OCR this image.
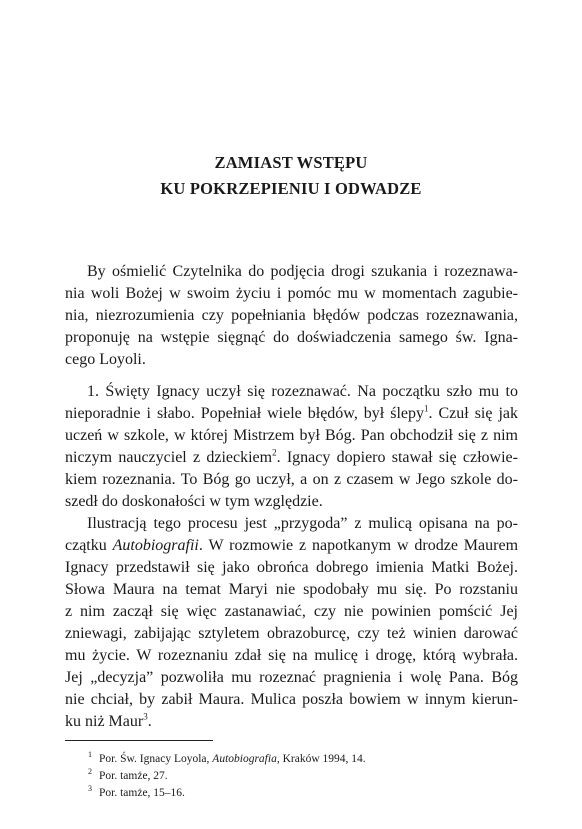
ZAMIAST WSTĘPU
KU POKRZEPIENIU I ODWADZE
By ośmielić Czytelnika do podjęcia drogi szukania i rozeznawa-
nia woli Bożej w swoim życiu i pomóc mu w momentach zagubie-
nia, niezrozumienia czy popełniania błędów podczas rozeznawania,
proponuję na wstępie sięgnąć do doświadczenia samego św. Igna-
cego Loyoli.
1. Święty Ignacy uczył się rozeznawać. Na początku szło mu to
nieporadnie i słabo. Popełniał wiele błędów, był ślepy$^1$. Czuł się jak
uczeń w szkole, w której Mistrzem był Bóg. Pan obchodził się z nim
niczym nauczyciel z dzieckiem$^2$. Ignacy dopiero stawał się człowie-
kiem rozeznania. To Bóg go uczył, a on z czasem w Jego szkole do-
szedł do doskonałości w tym względzie.
Ilustracją tego procesu jest „przygoda” z mulicą opisana na po-
czątku Autobiografii. W rozmowie z napotkanym w drodze Maurem
Ignacy przedstawił się jako obrońca dobrego imienia Matki Bożej.
Słowa Maura na temat Maryi nie spodobały mu się. Po rozstaniu
z nim zaczął się więc zastanawiać, czy nie powinien pomścić Jej
zniewagi, zabijając sztyletem obrazoburcę, czy też winien darować
mu życie. W rozeznaniu zdał się na mulicę i drogę, którą wybrała.
Jej „decyzja” pozwoliła mu rozeznać pragnienia i wolę Pana. Bóg
nie chciał, by zabił Maura. Mulica poszła bowiem w innym kierun-
ku niż Maur$^3$.
$^1$ Por. Św. Ignacy Loyola, Autobiografia, Kraków 1994, 14.
$^2$ Por. tamże, 27.
$^3$ Por. tamże, 15–16.
